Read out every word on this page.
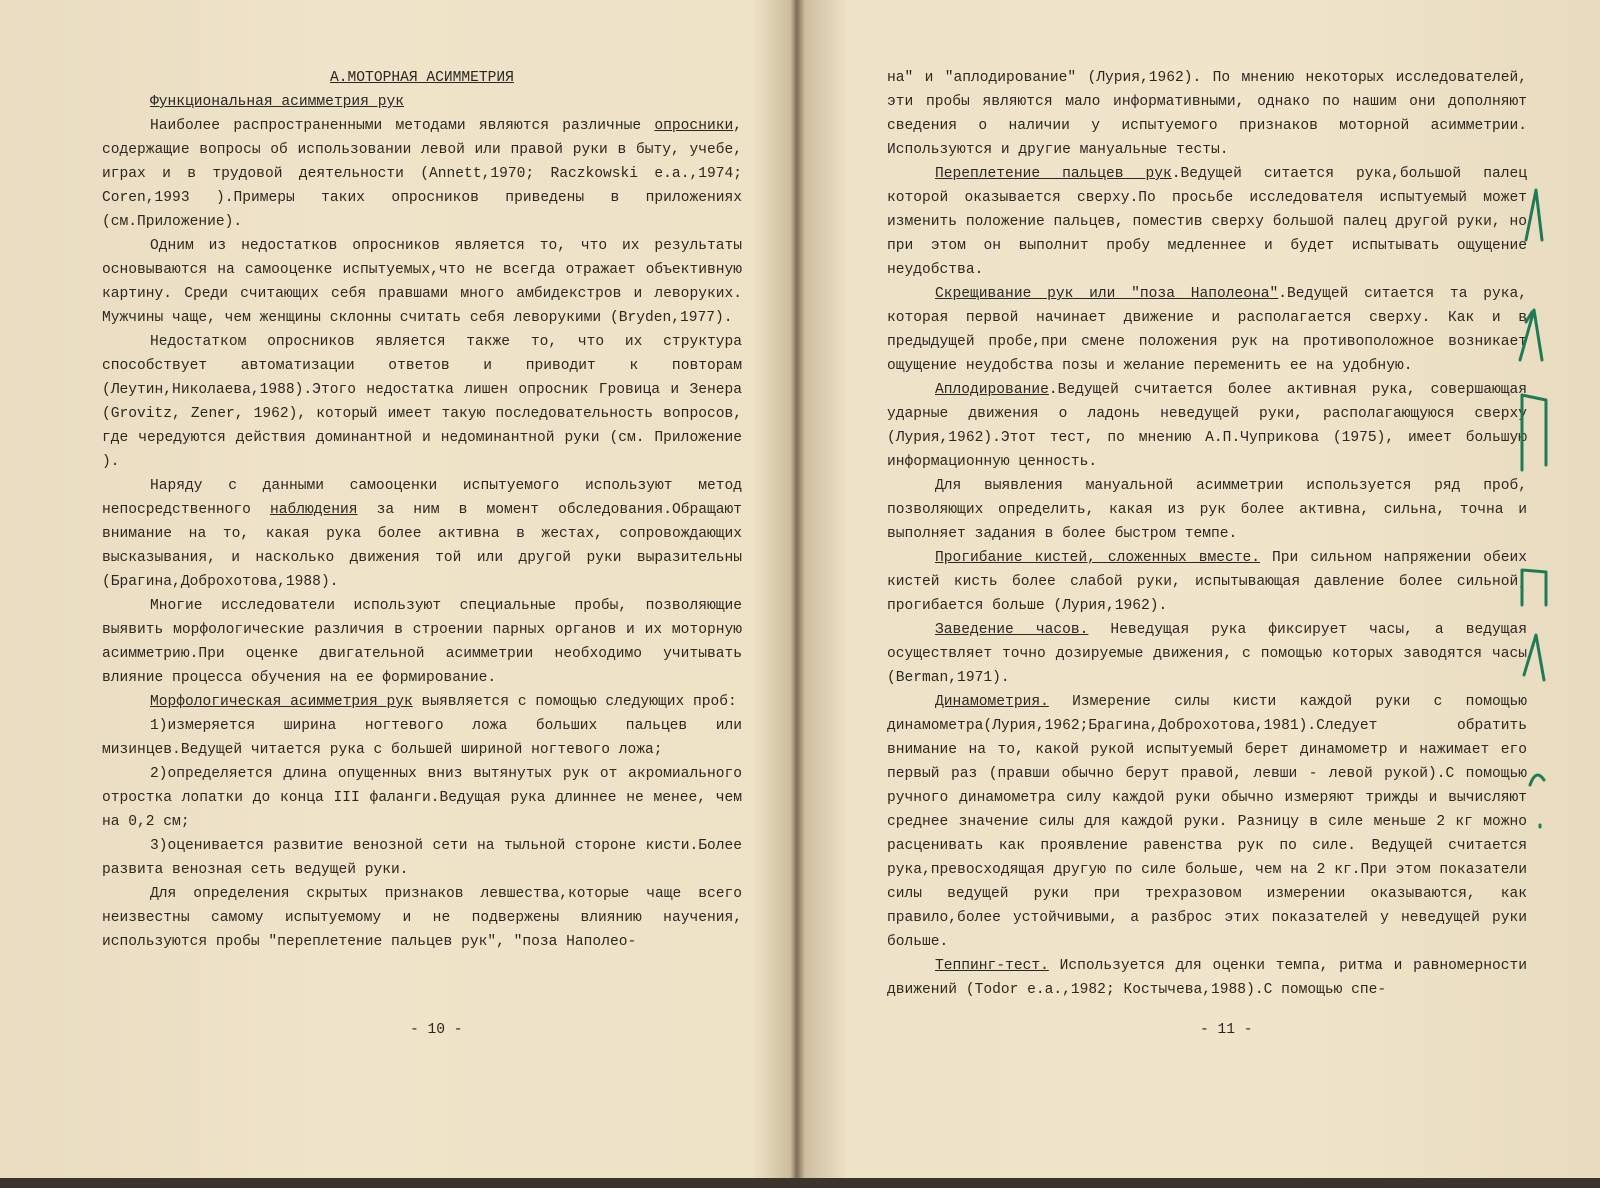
А.МОТОРНАЯ АСИММЕТРИЯ

Функциональная асимметрия рук

Наиболее распространенными методами являются различные опросники, содержащие вопросы об использовании левой или правой руки в быту, учебе, играх и в трудовой деятельности (Annett,1970; Raczkowski e.a.,1974; Coren,1993 ).Примеры таких опросников приведены в приложениях (см.Приложение).

Одним из недостатков опросников является то, что их результаты основываются на самооценке испытуемых,что не всегда отражает объективную картину. Среди считающих себя правшами много амбидекстров и леворуких. Мужчины чаще, чем женщины склонны считать себя леворукими (Bryden,1977).

Недостатком опросников является также то, что их структура способствует автоматизации ответов и приводит к повторам (Леутин,Николаева,1988).Этого недостатка лишен опросник Гровица и Зенера (Grovitz, Zener, 1962), который имеет такую последовательность вопросов, где чередуются действия доминантной и недоминантной руки (см. Приложение ).

Наряду с данными самооценки испытуемого используют метод непосредственного наблюдения за ним в момент обследования.Обращают внимание на то, какая рука более активна в жестах, сопровождающих высказывания, и насколько движения той или другой руки выразительны (Брагина,Доброхотова,1988).

Многие исследователи используют специальные пробы, позволяющие выявить морфологические различия в строении парных органов и их моторную асимметрию.При оценке двигательной асимметрии необходимо учитывать влияние процесса обучения на ее формирование.

Морфологическая асимметрия рук выявляется с помощью следующих проб:

1)измеряется ширина ногтевого ложа больших пальцев или мизинцев.Ведущей читается рука с большей шириной ногтевого ложа;

2)определяется длина опущенных вниз вытянутых рук от акромиального отростка лопатки до конца III фаланги.Ведущая рука длиннее не менее, чем на 0,2 см;

3)оценивается развитие венозной сети на тыльной стороне кисти.Более развита венозная сеть ведущей руки.

Для определения скрытых признаков левшества,которые чаще всего неизвестны самому испытуемому и не подвержены влиянию научения, используются пробы "переплетение пальцев рук", "поза Наполео-

- 10 -

на" и "аплодирование" (Лурия,1962). По мнению некоторых исследователей, эти пробы являются мало информативными, однако по нашим они дополняют сведения о наличии у испытуемого признаков моторной асимметрии. Используются и другие мануальные тесты.

Переплетение пальцев рук.Ведущей ситается рука,большой палец которой оказывается сверху.По просьбе исследователя испытуемый может изменить положение пальцев, поместив сверху большой палец другой руки, но при этом он выполнит пробу медленнее и будет испытывать ощущение неудобства.

Скрещивание рук или "поза Наполеона".Ведущей ситается та рука, которая первой начинает движение и располагается сверху. Как и в предыдущей пробе,при смене положения рук на противоположное возникает ощущение неудобства позы и желание переменить ее на удобную.

Аплодирование.Ведущей считается более активная рука, совершающая ударные движения о ладонь неведущей руки, располагающуюся сверху (Лурия,1962).Этот тест, по мнению А.П.Чуприкова (1975), имеет большую информационную ценность.

Для выявления мануальной асимметрии используется ряд проб, позволяющих определить, какая из рук более активна, сильна, точна и выполняет задания в более быстром темпе.

Прогибание кистей, сложенных вместе. При сильном напряжении обеих кистей кисть более слабой руки, испытывающая давление более сильной, прогибается больше (Лурия,1962).

Заведение часов. Неведущая рука фиксирует часы, а ведущая осуществляет точно дозируемые движения, с помощью которых заводятся часы (Berman,1971).

Динамометрия. Измерение силы кисти каждой руки с помощью динамометра(Лурия,1962;Брагина,Доброхотова,1981).Следует обратить внимание на то, какой рукой испытуемый берет динамометр и нажимает его первый раз (правши обычно берут правой, левши - левой рукой).С помощью ручного динамометра силу каждой руки обычно измеряют трижды и вычисляют среднее значение силы для каждой руки. Разницу в силе меньше 2 кг можно расценивать как проявление равенства рук по силе. Ведущей считается рука,превосходящая другую по силе больше, чем на 2 кг.При этом показатели силы ведущей руки при трехразовом измерении оказываются, как правило,более устойчивыми, а разброс этих показателей у неведущей руки больше.

Теппинг-тест. Используется для оценки темпа, ритма и равномерности движений (Todor e.a.,1982; Костычева,1988).С помощью спе-

- 11 -
